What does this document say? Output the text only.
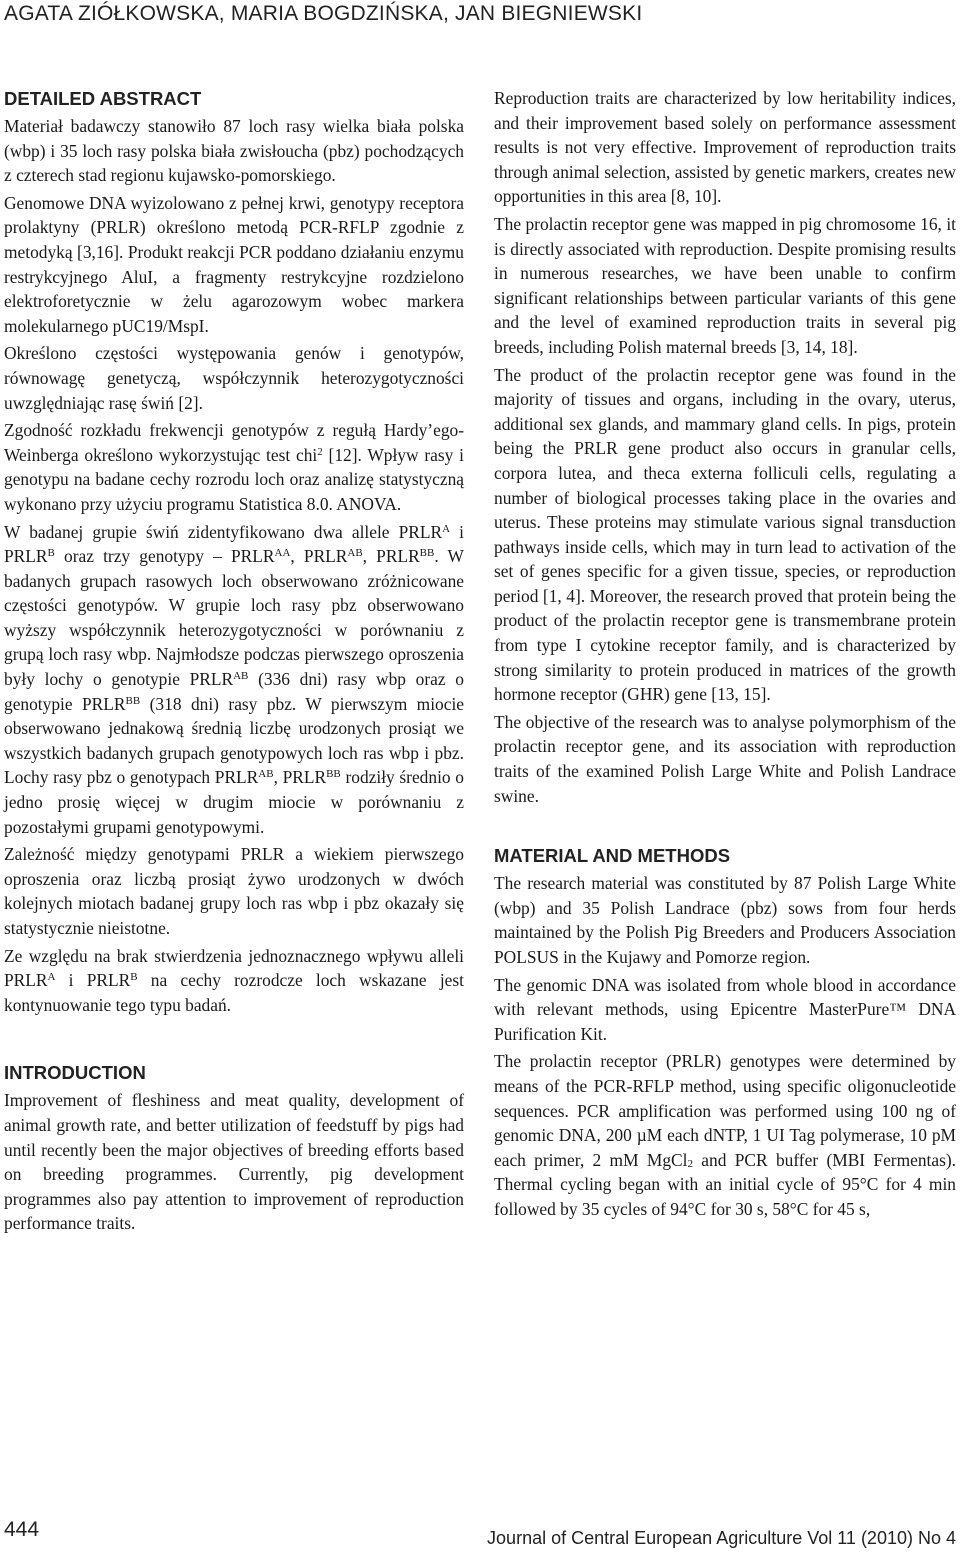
AGATA ZIÓŁKOWSKA, MARIA BOGDZIŃSKA, JAN BIEGNIEWSKI
DETAILED ABSTRACT

Materiał badawczy stanowiło 87 loch rasy wielka biała polska (wbp) i 35 loch rasy polska biała zwisłoucha (pbz) pochodzących z czterech stad regionu kujawsko-pomorskiego.

Genomowe DNA wyizolowano z pełnej krwi, genotypy receptora prolaktyny (PRLR) określono metodą PCR-RFLP zgodnie z metodyką [3,16]. Produkt reakcji PCR poddano działaniu enzymu restrykcyjnego AluI, a fragmenty restrykcyjne rozdzielono elektroforetycznie w żelu agarozowym wobec markera molekularnego pUC19/MspI.

Określono częstości występowania genów i genotypów, równowagę genetyczą, współczynnik heterozygotyczności uwzględniając rasę świń [2].

Zgodność rozkładu frekwencji genotypów z regułą Hardy’ego-Weinberga określono wykorzystując test chi$^2$ [12]. Wpływ rasy i genotypu na badane cechy rozrodu loch oraz analizę statystyczną wykonano przy użyciu programu Statistica 8.0. ANOVA.

W badanej grupie świń zidentyfikowano dwa allele $PRLR^A$ i $PRLR^B$ oraz trzy genotypy – $PRLR^{AA}$, $PRLR^{AB}$, $PRLR^{BB}$. W badanych grupach rasowych loch obserwowano zróżnicowane częstości genotypów. W grupie loch rasy pbz obserwowano wyższy współczynnik heterozygotyczności w porównaniu z grupą loch rasy wbp. Najmłodsze podczas pierwszego oproszenia były lochy o genotypie $PRLR^{AB}$ (336 dni) rasy wbp oraz o genotypie $PRLR^{BB}$ (318 dni) rasy pbz. W pierwszym miocie obserwowano jednakową średnią liczbę urodzonych prosiąt we wszystkich badanych grupach genotypowych loch ras wbp i pbz. Lochy rasy pbz o genotypach $PRLR^{AB}$, $PRLR^{BB}$ rodziły średnio o jedno prosię więcej w drugim miocie w porównaniu z pozostałymi grupami genotypowymi.

Zależność między genotypami PRLR a wiekiem pierwszego oproszenia oraz liczbą prosiąt żywo urodzonych w dwóch kolejnych miotach badanej grupy loch ras wbp i pbz okazały się statystycznie nieistotne.

Ze względu na brak stwierdzenia jednoznacznego wpływu alleli $PRLR^A$ i $PRLR^B$ na cechy rozrodcze loch wskazane jest kontynuowanie tego typu badań.

INTRODUCTION

Improvement of fleshiness and meat quality, development of animal growth rate, and better utilization of feedstuff by pigs had until recently been the major objectives of breeding efforts based on breeding programmes. Currently, pig development programmes also pay attention to improvement of reproduction performance traits.

Reproduction traits are characterized by low heritability indices, and their improvement based solely on performance assessment results is not very effective. Improvement of reproduction traits through animal selection, assisted by genetic markers, creates new opportunities in this area [8, 10].

The prolactin receptor gene was mapped in pig chromosome 16, it is directly associated with reproduction. Despite promising results in numerous researches, we have been unable to confirm significant relationships between particular variants of this gene and the level of examined reproduction traits in several pig breeds, including Polish maternal breeds [3, 14, 18].

The product of the prolactin receptor gene was found in the majority of tissues and organs, including in the ovary, uterus, additional sex glands, and mammary gland cells. In pigs, protein being the PRLR gene product also occurs in granular cells, corpora lutea, and theca externa folliculi cells, regulating a number of biological processes taking place in the ovaries and uterus. These proteins may stimulate various signal transduction pathways inside cells, which may in turn lead to activation of the set of genes specific for a given tissue, species, or reproduction period [1, 4]. Moreover, the research proved that protein being the product of the prolactin receptor gene is transmembrane protein from type I cytokine receptor family, and is characterized by strong similarity to protein produced in matrices of the growth hormone receptor (GHR) gene [13, 15].

The objective of the research was to analyse polymorphism of the prolactin receptor gene, and its association with reproduction traits of the examined Polish Large White and Polish Landrace swine.

MATERIAL AND METHODS

The research material was constituted by 87 Polish Large White (wbp) and 35 Polish Landrace (pbz) sows from four herds maintained by the Polish Pig Breeders and Producers Association POLSUS in the Kujawy and Pomorze region.

The genomic DNA was isolated from whole blood in accordance with relevant methods, using Epicentre MasterPure™ DNA Purification Kit.

The prolactin receptor (PRLR) genotypes were determined by means of the PCR-RFLP method, using specific oligonucleotide sequences. PCR amplification was performed using 100 ng of genomic DNA, 200 µM each dNTP, 1 UI Tag polymerase, 10 pM each primer, 2 mM MgCl$_2$ and PCR buffer (MBI Fermentas). Thermal cycling began with an initial cycle of 95°C for 4 min followed by 35 cycles of 94°C for 30 s, 58°C for 45 s,

444	Journal of Central European Agriculture Vol 11 (2010) No 4
